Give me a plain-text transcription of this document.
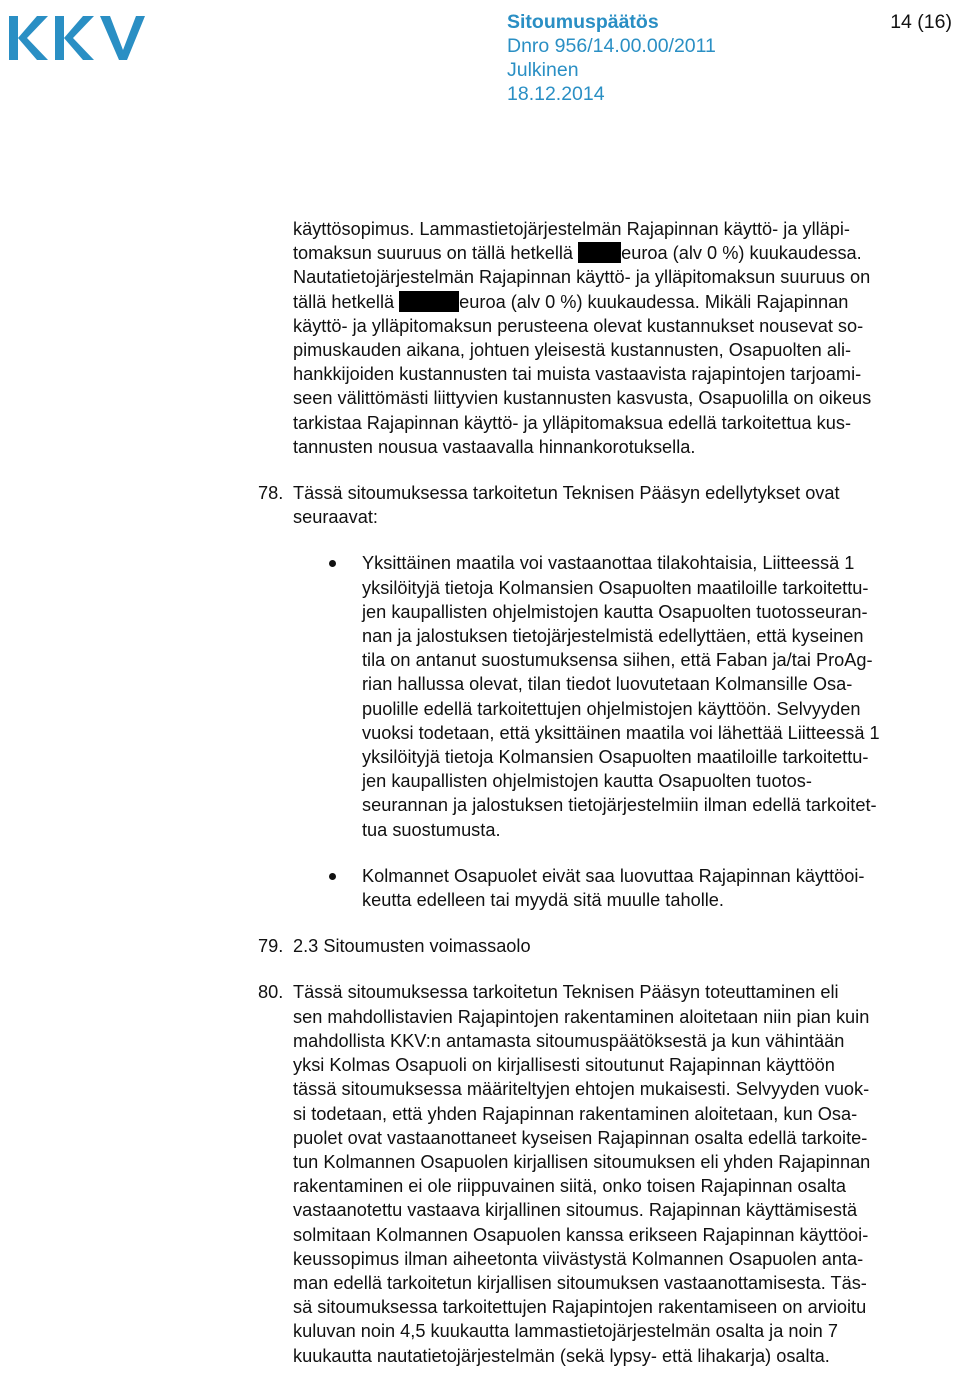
Sitoumuspäätös	14 (16)
Dnro 956/14.00.00/2011
Julkinen
18.12.2014
käyttösopimus. Lammastietojärjestelmän Rajapinnan käyttö- ja ylläpi-
tomaksun suuruus on tällä hetkellä euroa (alv 0 %) kuukaudessa.
Nautatietojärjestelmän Rajapinnan käyttö- ja ylläpitomaksun suuruus on
tällä hetkellä	euroa (alv 0 %) kuukaudessa. Mikäli Rajapinnan
käyttö- ja ylläpitomaksun perusteena olevat kustannukset nousevat so-
pimuskauden aikana, johtuen yleisestä kustannusten, Osapuolten ali-
hankkijoiden kustannusten tai muista vastaavista rajapintojen tarjoami-
seen välittömästi liittyvien kustannusten kasvusta, Osapuolilla on oikeus
tarkistaa Rajapinnan käyttö- ja ylläpitomaksua edellä tarkoitettua kus-
tannusten nousua vastaavalla hinnankorotuksella.
78. Tässä sitoumuksessa tarkoitetun Teknisen Pääsyn edellytykset ovat
seuraavat:
Yksittäinen maatila voi vastaanottaa tilakohtaisia, Liitteessä 1
yksilöityjä tietoja Kolmansien Osapuolten maatiloille tarkoitettu-
jen kaupallisten ohjelmistojen kautta Osapuolten tuotosseuran-
nan ja jalostuksen tietojärjestelmistä edellyttäen, että kyseinen
tila on antanut suostumuksensa siihen, että Faban ja/tai ProAg-
rian hallussa olevat, tilan tiedot luovutetaan Kolmansille Osa-
puolille edellä tarkoitettujen ohjelmistojen käyttöön. Selvyyden
vuoksi todetaan, että yksittäinen maatila voi lähettää Liitteessä 1
yksilöityjä tietoja Kolmansien Osapuolten maatiloille tarkoitettu-
jen kaupallisten ohjelmistojen kautta Osapuolten tuotos-
seurannan ja jalostuksen tietojärjestelmiin ilman edellä tarkoitet-
tua suostumusta.
Kolmannet Osapuolet eivät saa luovuttaa Rajapinnan käyttöoi-
keutta edelleen tai myydä sitä muulle taholle.
79. 2.3 Sitoumusten voimassaolo
80. Tässä sitoumuksessa tarkoitetun Teknisen Pääsyn toteuttaminen eli
sen mahdollistavien Rajapintojen rakentaminen aloitetaan niin pian kuin
mahdollista KKV:n antamasta sitoumuspäätöksestä ja kun vähintään
yksi Kolmas Osapuoli on kirjallisesti sitoutunut Rajapinnan käyttöön
tässä sitoumuksessa määriteltyjen ehtojen mukaisesti. Selvyyden vuok-
si todetaan, että yhden Rajapinnan rakentaminen aloitetaan, kun Osa-
puolet ovat vastaanottaneet kyseisen Rajapinnan osalta edellä tarkoite-
tun Kolmannen Osapuolen kirjallisen sitoumuksen eli yhden Rajapinnan
rakentaminen ei ole riippuvainen siitä, onko toisen Rajapinnan osalta
vastaanotettu vastaava kirjallinen sitoumus. Rajapinnan käyttämisestä
solmitaan Kolmannen Osapuolen kanssa erikseen Rajapinnan käyttöoi-
keussopimus ilman aiheetonta viivästystä Kolmannen Osapuolen anta-
man edellä tarkoitetun kirjallisen sitoumuksen vastaanottamisesta. Täs-
sä sitoumuksessa tarkoitettujen Rajapintojen rakentamiseen on arvioitu
kuluvan noin 4,5 kuukautta lammastietojärjestelmän osalta ja noin 7
kuukautta nautatietojärjestelmän (sekä lypsy- että lihakarja) osalta.
